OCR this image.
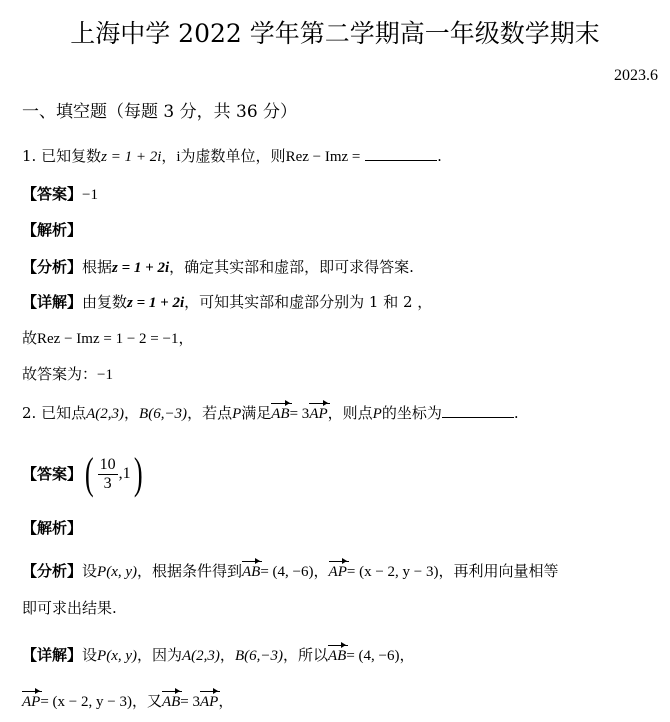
上海中学 2022 学年第二学期高一年级数学期末
2023.6
一、填空题（每题 3 分，共 36 分）
1. 已知复数z = 1 + 2i，i为虚数单位，则Rez − Imz =	.
【答案】−1
【解析】
【分析】根据z = 1 + 2i，确定其实部和虚部，即可求得答案.
【详解】由复数z = 1 + 2i，可知其实部和虚部分别为 1 和 2 ，
故Rez − Imz = 1 − 2 = −1，
故答案为：−1
2. 已知点A(2,3)，B(6,−3)，若点P满足AB= 3AP，则点P的坐标为	.
【答案】( $\frac{10}{3} ,1$)
【解析】
【分析】设P(x, y)，根据条件得到AB= (4, −6)，AP= (x − 2, y − 3)，再利用向量相等
即可求出结果.
【详解】设P(x, y)，因为A(2,3)，B(6,−3)，所以AB= (4, −6)，
AP= (x − 2, y − 3)，又AB= 3AP，
